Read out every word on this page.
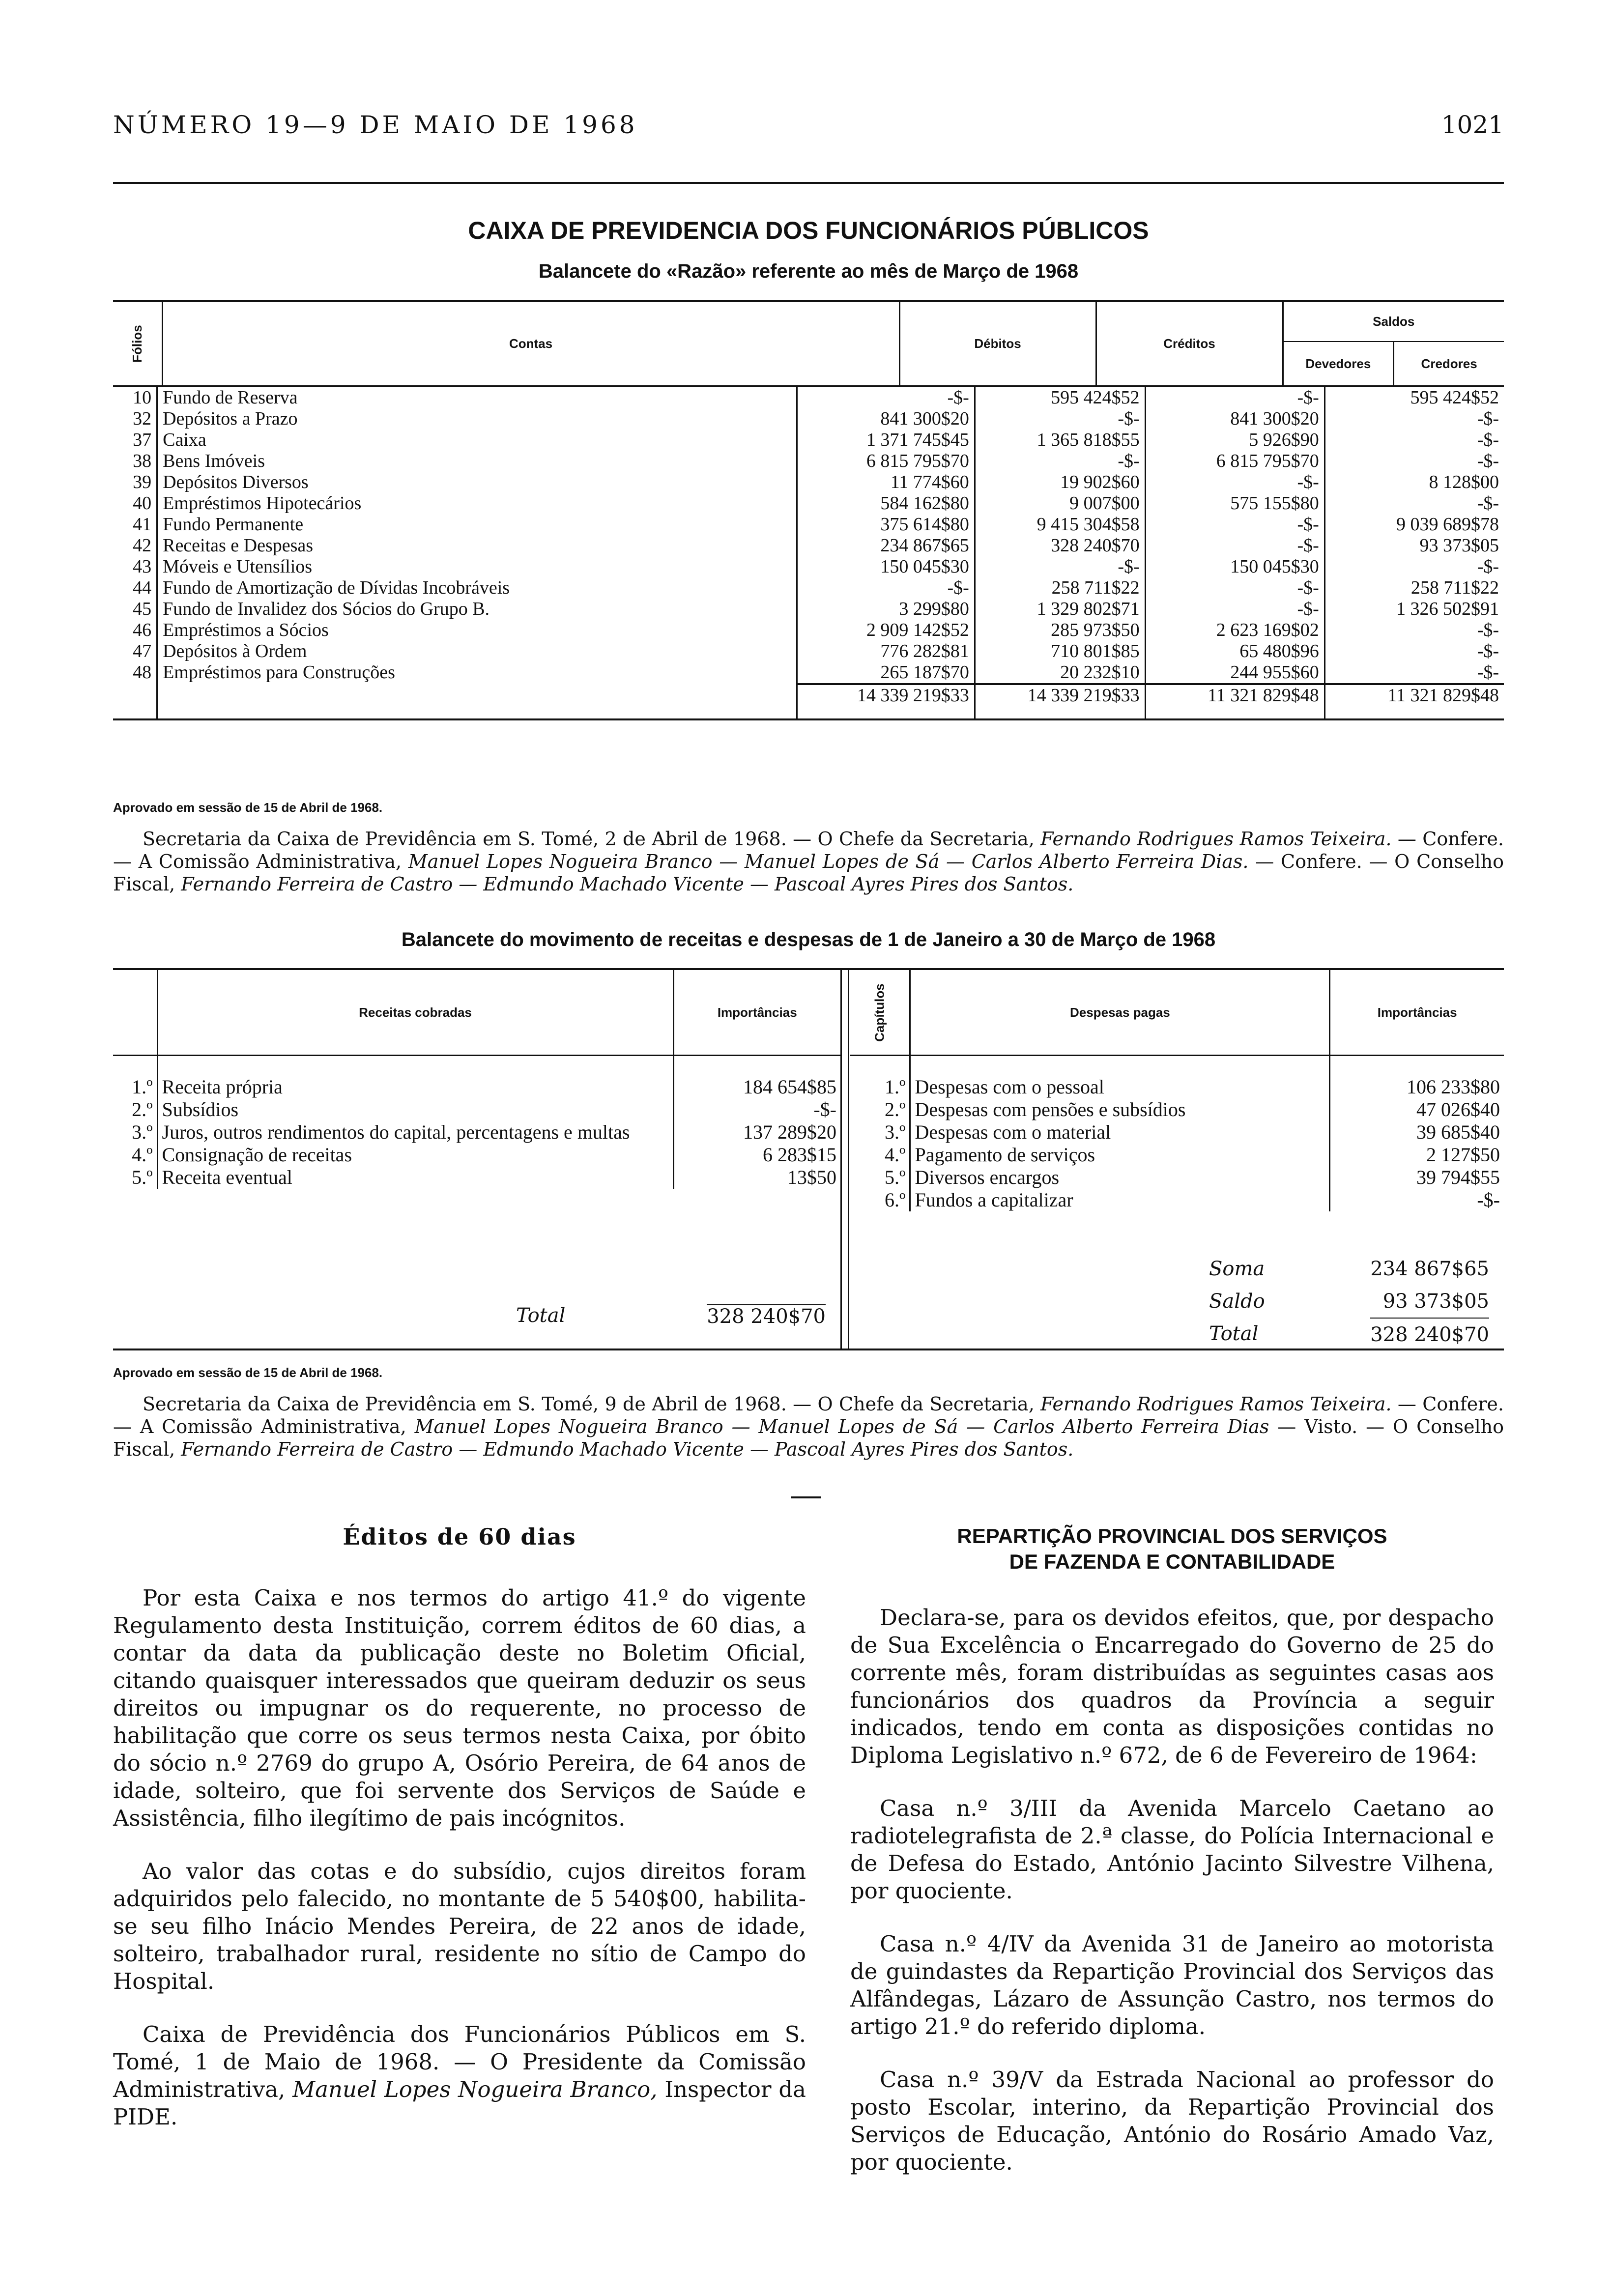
NÚMERO 19—9 DE MAIO DE 1968	1021
CAIXA DE PREVIDENCIA DOS FUNCIONÁRIOS PÚBLICOS
Balancete do «Razão» referente ao mês de Março de 1968
Fólios	Contas	Débitos	Créditos	
Saldos
Devedores	Credores
10	Fundo de Reserva	-$-	595 424$52	-$-	595 424$52
32	Depósitos a Prazo	841 300$20	-$-	841 300$20	-$-
37	Caixa	1 371 745$45	1 365 818$55	5 926$90	-$-
38	Bens Imóveis	6 815 795$70	-$-	6 815 795$70	-$-
39	Depósitos Diversos	11 774$60	19 902$60	-$-	8 128$00
40	Empréstimos Hipotecários	584 162$80	9 007$00	575 155$80	-$-
41	Fundo Permanente	375 614$80	9 415 304$58	-$-	9 039 689$78
42	Receitas e Despesas	234 867$65	328 240$70	-$-	93 373$05
43	Móveis e Utensílios	150 045$30	-$-	150 045$30	-$-
44	Fundo de Amortização de Dívidas Incobráveis	-$-	258 711$22	-$-	258 711$22
45	Fundo de Invalidez dos Sócios do Grupo B.	3 299$80	1 329 802$71	-$-	1 326 502$91
46	Empréstimos a Sócios	2 909 142$52	285 973$50	2 623 169$02	-$-
47	Depósitos à Ordem	776 282$81	710 801$85	65 480$96	-$-
48	Empréstimos para Construções	265 187$70	20 232$10	244 955$60	-$-
		14 339 219$33	14 339 219$33	11 321 829$48	11 321 829$48
Aprovado em sessão de 15 de Abril de 1968.
Secretaria da Caixa de Previdência em S. Tomé, 2 de Abril de 1968. — O Chefe da Secretaria, Fernando Rodrigues Ramos Teixeira. — Confere. — A Comissão Administrativa, Manuel Lopes Nogueira Branco — Manuel Lopes de Sá — Carlos Alberto Ferreira Dias. — Confere. — O Conselho Fiscal, Fernando Ferreira de Castro — Edmundo Machado Vicente — Pascoal Ayres Pires dos Santos.
Balancete do movimento de receitas e despesas de 1 de Janeiro a 30 de Março de 1968
	Receitas cobradas	Importâncias

1.º	Receita própria	184 654$85
2.º	Subsídios	-$-
3.º	Juros, outros rendimentos do capital, percentagens e multas	137 289$20
4.º	Consignação de receitas	6 283$15
5.º	Receita eventual	13$50
Total	328 240$70
Capítulos	Despesas pagas	Importâncias

1.º	Despesas com o pessoal	106 233$80
2.º	Despesas com pensões e subsídios	47 026$40
3.º	Despesas com o material	39 685$40
4.º	Pagamento de serviços	2 127$50
5.º	Diversos encargos	39 794$55
6.º	Fundos a capitalizar	-$-
Soma	234 867$65
Saldo	93 373$05
Total	328 240$70
Aprovado em sessão de 15 de Abril de 1968.
Secretaria da Caixa de Previdência em S. Tomé, 9 de Abril de 1968. — O Chefe da Secretaria, Fernando Rodrigues Ramos Teixeira. — Confere. — A Comissão Administrativa, Manuel Lopes Nogueira Branco — Manuel Lopes de Sá — Carlos Alberto Ferreira Dias — Visto. — O Conselho Fiscal, Fernando Ferreira de Castro — Edmundo Machado Vicente — Pascoal Ayres Pires dos Santos.
Éditos de 60 dias

Por esta Caixa e nos termos do artigo 41.º do vigente Regulamento desta Instituição, correm éditos de 60 dias, a contar da data da publicação deste no Boletim Oficial, citando quaisquer interessados que queiram deduzir os seus direitos ou impugnar os do requerente, no processo de habilitação que corre os seus termos nesta Caixa, por óbito do sócio n.º 2769 do grupo A, Osório Pereira, de 64 anos de idade, solteiro, que foi servente dos Serviços de Saúde e Assistência, filho ilegítimo de pais incógnitos.

Ao valor das cotas e do subsídio, cujos direitos foram adquiridos pelo falecido, no montante de 5 540$00, habilita-se seu filho Inácio Mendes Pereira, de 22 anos de idade, solteiro, trabalhador rural, residente no sítio de Campo do Hospital.

Caixa de Previdência dos Funcionários Públicos em S. Tomé, 1 de Maio de 1968. — O Presidente da Comissão Administrativa, Manuel Lopes Nogueira Branco, Inspector da PIDE.

REPARTIÇÃO PROVINCIAL DOS SERVIÇOS
DE FAZENDA E CONTABILIDADE

Declara-se, para os devidos efeitos, que, por despacho de Sua Excelência o Encarregado do Governo de 25 do corrente mês, foram distribuídas as seguintes casas aos funcionários dos quadros da Província a seguir indicados, tendo em conta as disposições contidas no Diploma Legislativo n.º 672, de 6 de Fevereiro de 1964:

Casa n.º 3/III da Avenida Marcelo Caetano ao radiotelegrafista de 2.ª classe, do Polícia Internacional e de Defesa do Estado, António Jacinto Silvestre Vilhena, por quociente.

Casa n.º 4/IV da Avenida 31 de Janeiro ao motorista de guindastes da Repartição Provincial dos Serviços das Alfândegas, Lázaro de Assunção Castro, nos termos do artigo 21.º do referido diploma.

Casa n.º 39/V da Estrada Nacional ao professor do posto Escolar, interino, da Repartição Provincial dos Serviços de Educação, António do Rosário Amado Vaz, por quociente.
